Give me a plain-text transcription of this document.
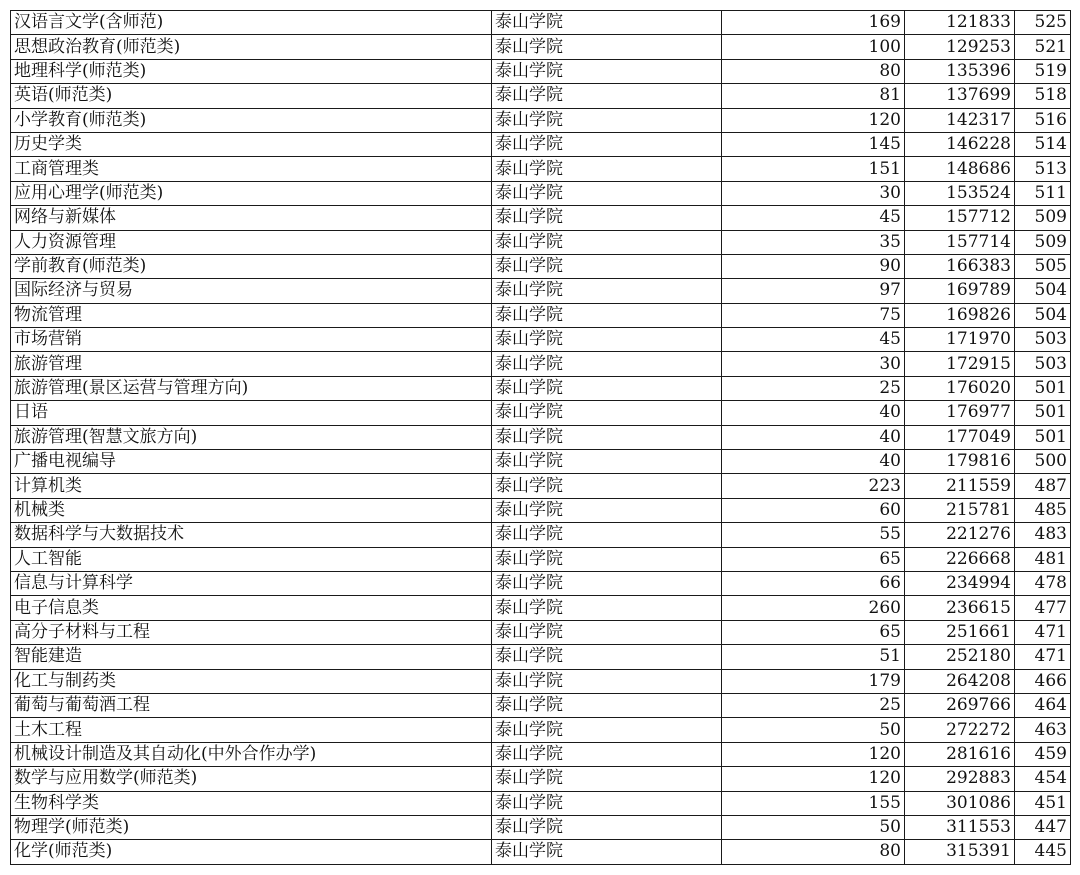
汉语言文学(含师范)	泰山学院	169	121833	525
思想政治教育(师范类)	泰山学院	100	129253	521
地理科学(师范类)	泰山学院	80	135396	519
英语(师范类)	泰山学院	81	137699	518
小学教育(师范类)	泰山学院	120	142317	516
历史学类	泰山学院	145	146228	514
工商管理类	泰山学院	151	148686	513
应用心理学(师范类)	泰山学院	30	153524	511
网络与新媒体	泰山学院	45	157712	509
人力资源管理	泰山学院	35	157714	509
学前教育(师范类)	泰山学院	90	166383	505
国际经济与贸易	泰山学院	97	169789	504
物流管理	泰山学院	75	169826	504
市场营销	泰山学院	45	171970	503
旅游管理	泰山学院	30	172915	503
旅游管理(景区运营与管理方向)	泰山学院	25	176020	501
日语	泰山学院	40	176977	501
旅游管理(智慧文旅方向)	泰山学院	40	177049	501
广播电视编导	泰山学院	40	179816	500
计算机类	泰山学院	223	211559	487
机械类	泰山学院	60	215781	485
数据科学与大数据技术	泰山学院	55	221276	483
人工智能	泰山学院	65	226668	481
信息与计算科学	泰山学院	66	234994	478
电子信息类	泰山学院	260	236615	477
高分子材料与工程	泰山学院	65	251661	471
智能建造	泰山学院	51	252180	471
化工与制药类	泰山学院	179	264208	466
葡萄与葡萄酒工程	泰山学院	25	269766	464
土木工程	泰山学院	50	272272	463
机械设计制造及其自动化(中外合作办学)	泰山学院	120	281616	459
数学与应用数学(师范类)	泰山学院	120	292883	454
生物科学类	泰山学院	155	301086	451
物理学(师范类)	泰山学院	50	311553	447
化学(师范类)	泰山学院	80	315391	445
